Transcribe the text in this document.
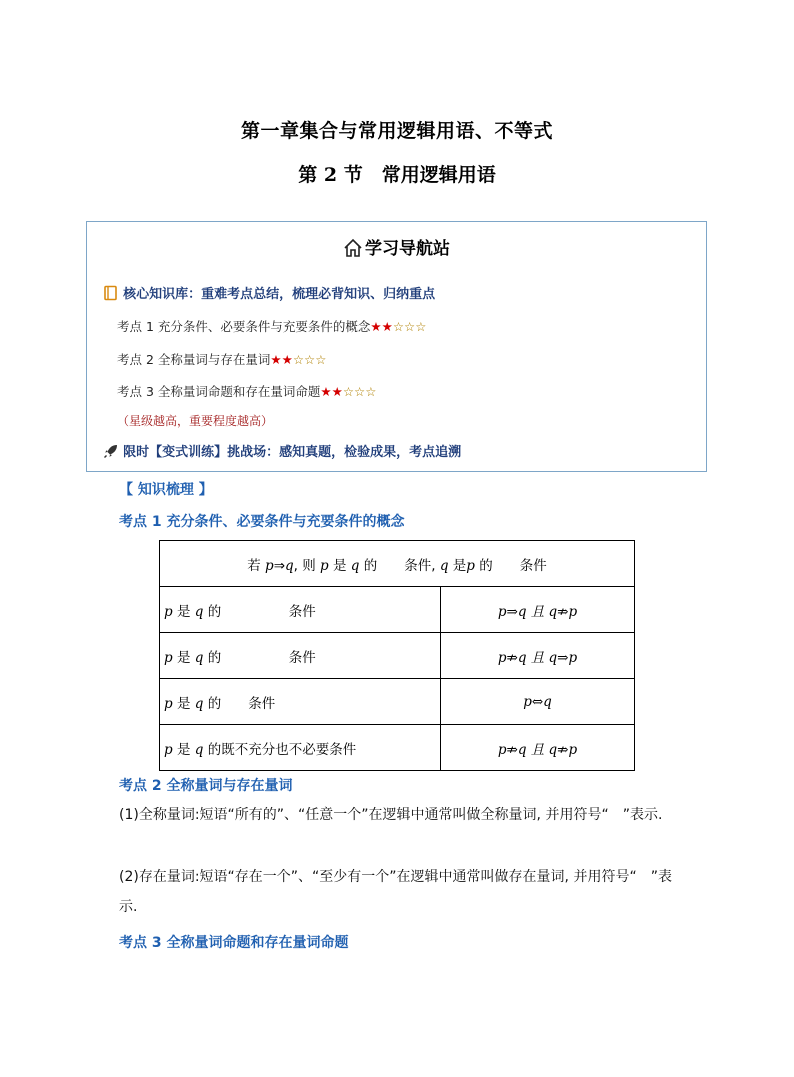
第一章集合与常用逻辑用语、不等式
第 2 节　常用逻辑用语
学习导航站
核心知识库：重难考点总结，梳理必背知识、归纳重点
考点 1 充分条件、必要条件与充要条件的概念★★☆☆☆
考点 2 全称量词与存在量词★★☆☆☆
考点 3 全称量词命题和存在量词命题★★☆☆☆
（星级越高，重要程度越高）
限时【变式训练】挑战场：感知真题，检验成果，考点追溯
【 知识梳理 】
考点 1 充分条件、必要条件与充要条件的概念
若 p⇒q, 则 p 是 q 的　　条件, q 是p 的　　条件	
p 是 q 的　　　　　条件	p⇒q 且 q⇏p
p 是 q 的　　　　　条件	p⇏q 且 q⇒p
p 是 q 的　　条件	p⇔q
p 是 q 的既不充分也不必要条件	p⇏q 且 q⇏p
考点 2 全称量词与存在量词
(1)全称量词:短语“所有的”、“任意一个”在逻辑中通常叫做全称量词, 并用符号“　”表示.
(2)存在量词:短语“存在一个”、“至少有一个”在逻辑中通常叫做存在量词, 并用符号“　”表示.
考点 3 全称量词命题和存在量词命题
